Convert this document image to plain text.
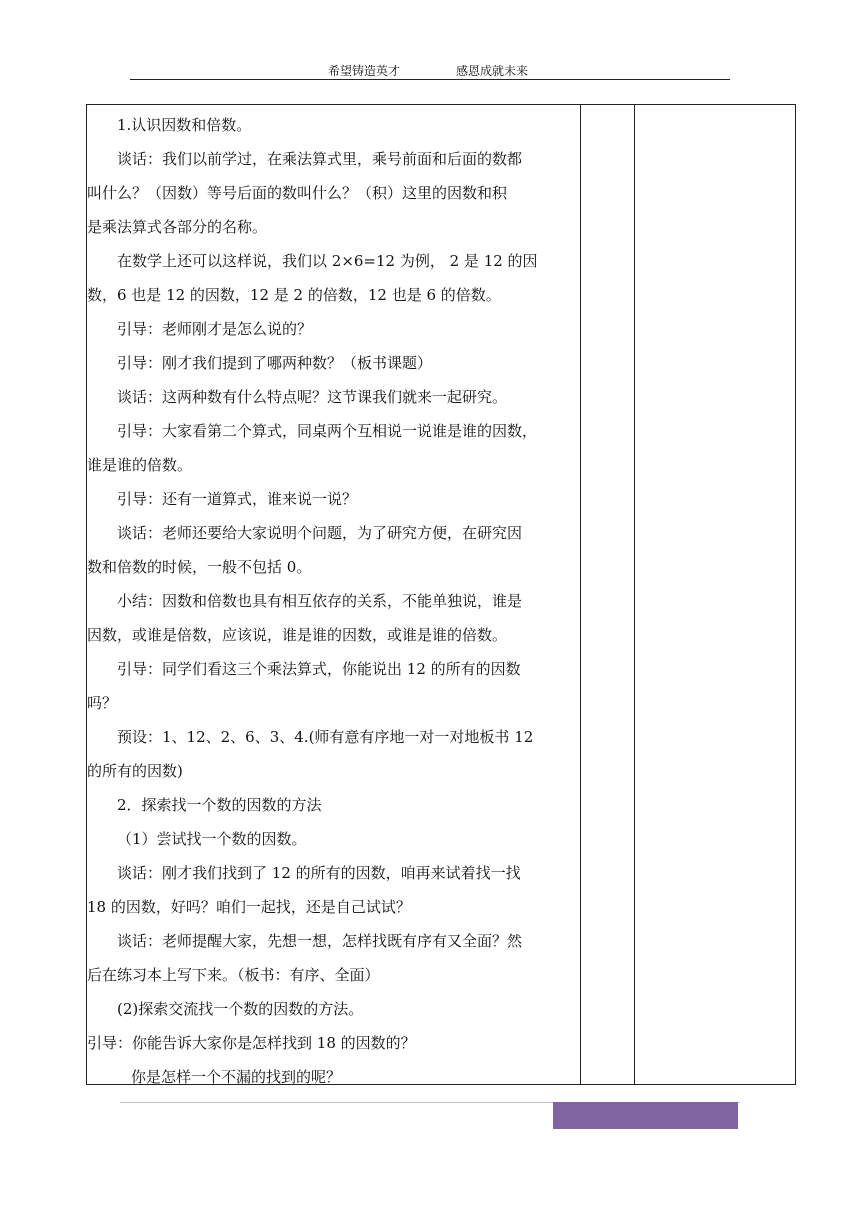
希望铸造英才	感恩成就未来

1.认识因数和倍数。

谈话：我们以前学过，在乘法算式里，乘号前面和后面的数都

叫什么？（因数）等号后面的数叫什么？（积）这里的因数和积

是乘法算式各部分的名称。

在数学上还可以这样说，我们以 2×6=12 为例， 2 是 12 的因

数，6 也是 12 的因数，12 是 2 的倍数，12 也是 6 的倍数。

引导：老师刚才是怎么说的？

引导：刚才我们提到了哪两种数？（板书课题）

谈话：这两种数有什么特点呢？这节课我们就来一起研究。

引导：大家看第二个算式，同桌两个互相说一说谁是谁的因数，

谁是谁的倍数。

引导：还有一道算式，谁来说一说？

谈话：老师还要给大家说明个问题，为了研究方便，在研究因

数和倍数的时候，一般不包括 0。

小结：因数和倍数也具有相互依存的关系，不能单独说，谁是

因数，或谁是倍数，应该说，谁是谁的因数，或谁是谁的倍数。

引导：同学们看这三个乘法算式，你能说出 12 的所有的因数

吗？

预设：1、12、2、6、3、4.(师有意有序地一对一对地板书 12

的所有的因数)

2．探索找一个数的因数的方法

（1）尝试找一个数的因数。

谈话：刚才我们找到了 12 的所有的因数，咱再来试着找一找

18 的因数，好吗？咱们一起找，还是自己试试？

谈话：老师提醒大家，先想一想，怎样找既有序有又全面？然

后在练习本上写下来。（板书：有序、全面）

(2)探索交流找一个数的因数的方法。

引导：你能告诉大家你是怎样找到 18 的因数的？

你是怎样一个不漏的找到的呢？
